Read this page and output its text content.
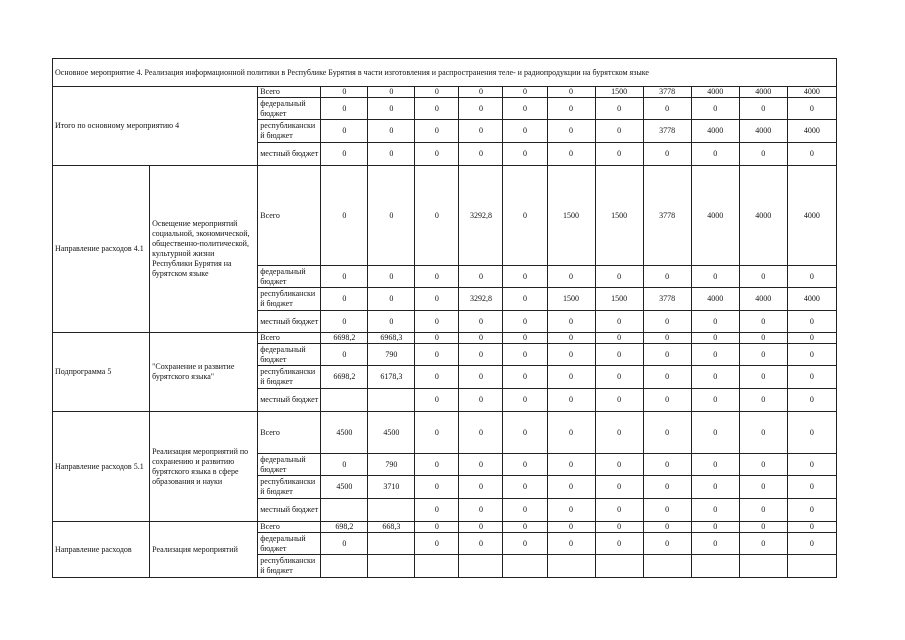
Основное мероприятие 4. Реализация информационной политики в Республике Бурятия в части изготовления и распространения теле- и радиопродукции на бурятском языке													
Итого по основному мероприятию 4		Всего	0	0	0	0	0	0	1500	3778	4000	4000	4000
		федеральный бюджет	0	0	0	0	0	0	0	0	0	0	0
		республиканский бюджет	0	0	0	0	0	0	0	3778	4000	4000	4000
		местный бюджет	0	0	0	0	0	0	0	0	0	0	0
Направление расходов 4.1	Освещение мероприятий социальной, экономической, общественно-политической, культурной жизни Республики Бурятия на бурятском языке	Всего	0	0	0	3292,8	0	1500	1500	3778	4000	4000	4000
		федеральный бюджет	0	0	0	0	0	0	0	0	0	0	0
		республиканский бюджет	0	0	0	3292,8	0	1500	1500	3778	4000	4000	4000
		местный бюджет	0	0	0	0	0	0	0	0	0	0	0
Подпрограмма 5	"Сохранение и развитие бурятского языка"	Всего	6698,2	6968,3	0	0	0	0	0	0	0	0	0
		федеральный бюджет	0	790	0	0	0	0	0	0	0	0	0
		республиканский бюджет	6698,2	6178,3	0	0	0	0	0	0	0	0	0
		местный бюджет			0	0	0	0	0	0	0	0	0
Направление расходов 5.1	Реализация мероприятий по сохранению и развитию бурятского языка в сфере образования и науки	Всего	4500	4500	0	0	0	0	0	0	0	0	0
		федеральный бюджет	0	790	0	0	0	0	0	0	0	0	0
		республиканский бюджет	4500	3710	0	0	0	0	0	0	0	0	0
		местный бюджет			0	0	0	0	0	0	0	0	0
Направление расходов	Реализация мероприятий	Всего	698,2	668,3	0	0	0	0	0	0	0	0	0
		федеральный бюджет	0		0	0	0	0	0	0	0	0	0
		республиканский бюджет											
